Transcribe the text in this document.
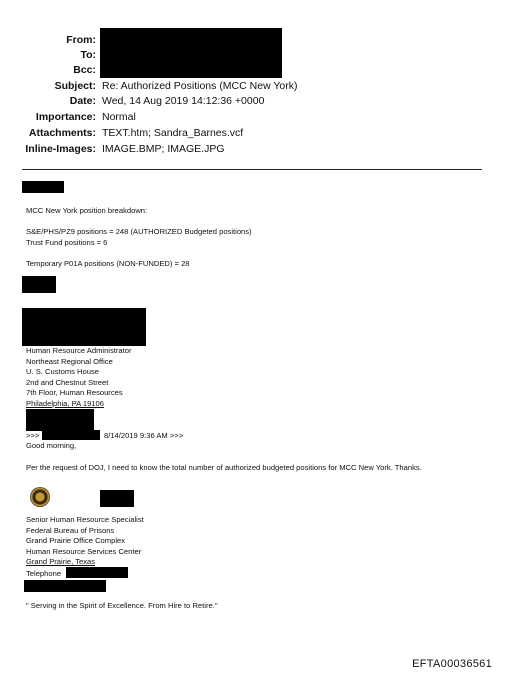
From:
To:
Bcc:
Subject: Re: Authorized Positions (MCC New York)
Date: Wed, 14 Aug 2019 14:12:36 +0000
Importance: Normal
Attachments: TEXT.htm; Sandra_Barnes.vcf
Inline-Images: IMAGE.BMP; IMAGE.JPG
MCC New York position breakdown:
S&E/PHS/PZ9 positions = 248 (AUTHORIZED Budgeted positions)
Trust Fund positions = 6
Temporary P01A positions (NON-FUNDED) = 28
Human Resource Administrator
Northeast Regional Office
U. S. Customs House
2nd and Chestnut Street
7th Floor, Human Resources
Philadelphia, PA 19106
>>>	8/14/2019 9:36 AM >>>
Good morning,
Per the request of DOJ, I need to know the total number of authorized budgeted positions for MCC New York. Thanks.
Senior Human Resource Specialist
Federal Bureau of Prisons
Grand Prairie Office Complex
Human Resource Services Center
Grand Prairie, Texas
Telephone
" Serving in the Spirit of Excellence. From Hire to Retire."
EFTA00036561
